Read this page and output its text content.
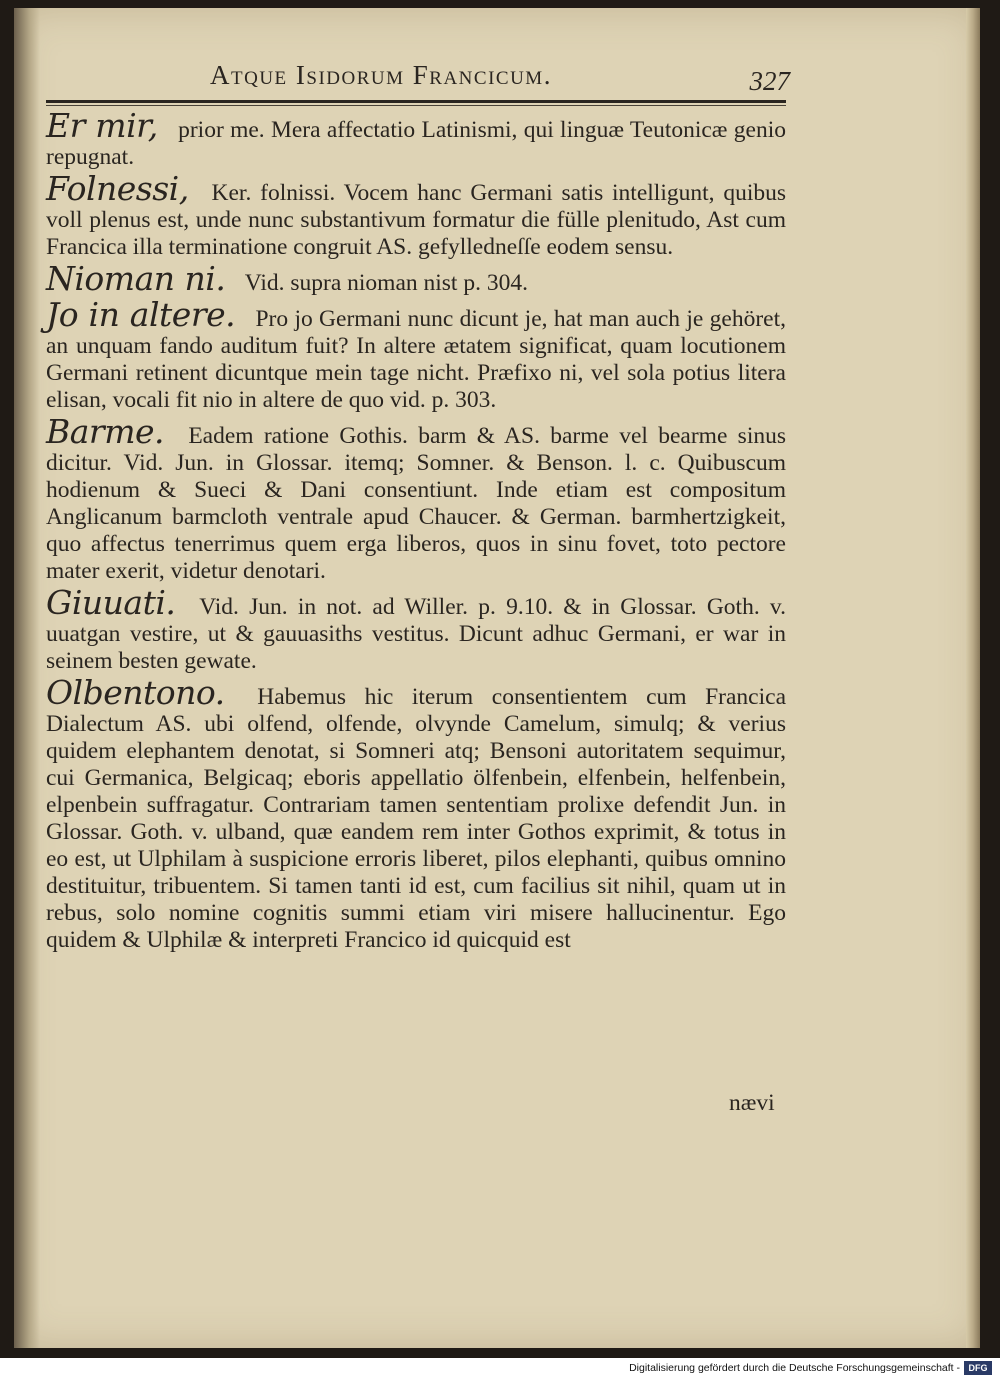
Atque Isidorum Francicum.	327

Er mir, prior me. Mera affectatio Latinismi, qui linguæ Teutonicæ genio repugnat.

Folnessi, Ker. folnissi. Vocem hanc Germani satis intelligunt, quibus voll plenus est, unde nunc substantivum formatur die fülle plenitudo, Ast cum Francica illa terminatione congruit AS. gefylledneſſe eodem sensu.

Nioman ni. Vid. supra nioman nist p. 304.

Jo in altere. Pro jo Germani nunc dicunt je, hat man auch je gehöret, an unquam fando auditum fuit? In altere ætatem significat, quam locutionem Germani retinent dicuntque mein tage nicht. Præfixo ni, vel sola potius litera elisan, vocali fit nio in altere de quo vid. p. 303.

Barme. Eadem ratione Gothis. barm & AS. barme vel bearme sinus dicitur. Vid. Jun. in Glossar. itemq; Somner. & Benson. l. c. Quibuscum hodienum & Sueci & Dani consentiunt. Inde etiam est compositum Anglicanum barmcloth ventrale apud Chaucer. & German. barmhertzigkeit, quo affectus tenerrimus quem erga liberos, quos in sinu fovet, toto pectore mater exerit, videtur denotari.

Giuuati. Vid. Jun. in not. ad Willer. p. 9.10. & in Glossar. Goth. v. uuatgan vestire, ut & gauuasiths vestitus. Dicunt adhuc Germani, er war in seinem besten gewate.

Olbentono. Habemus hic iterum consentientem cum Francica Dialectum AS. ubi olfend, olfende, olvynde Camelum, simulq; & verius quidem elephantem denotat, si Somneri atq; Bensoni autoritatem sequimur, cui Germanica, Belgicaq; eboris appellatio ölfenbein, elfenbein, helfenbein, elpenbein suffragatur. Contrariam tamen sententiam prolixe defendit Jun. in Glossar. Goth. v. ulband, quæ eandem rem inter Gothos exprimit, & totus in eo est, ut Ulphilam à suspicione erroris liberet, pilos elephanti, quibus omnino destituitur, tribuentem. Si tamen tanti id est, cum facilius sit nihil, quam ut in rebus, solo nomine cognitis summi etiam viri misere hallucinentur. Ego quidem & Ulphilæ & interpreti Francico id quicquid est

nævi
Digitalisierung gefördert durch die Deutsche Forschungsgemeinschaft - DFG
